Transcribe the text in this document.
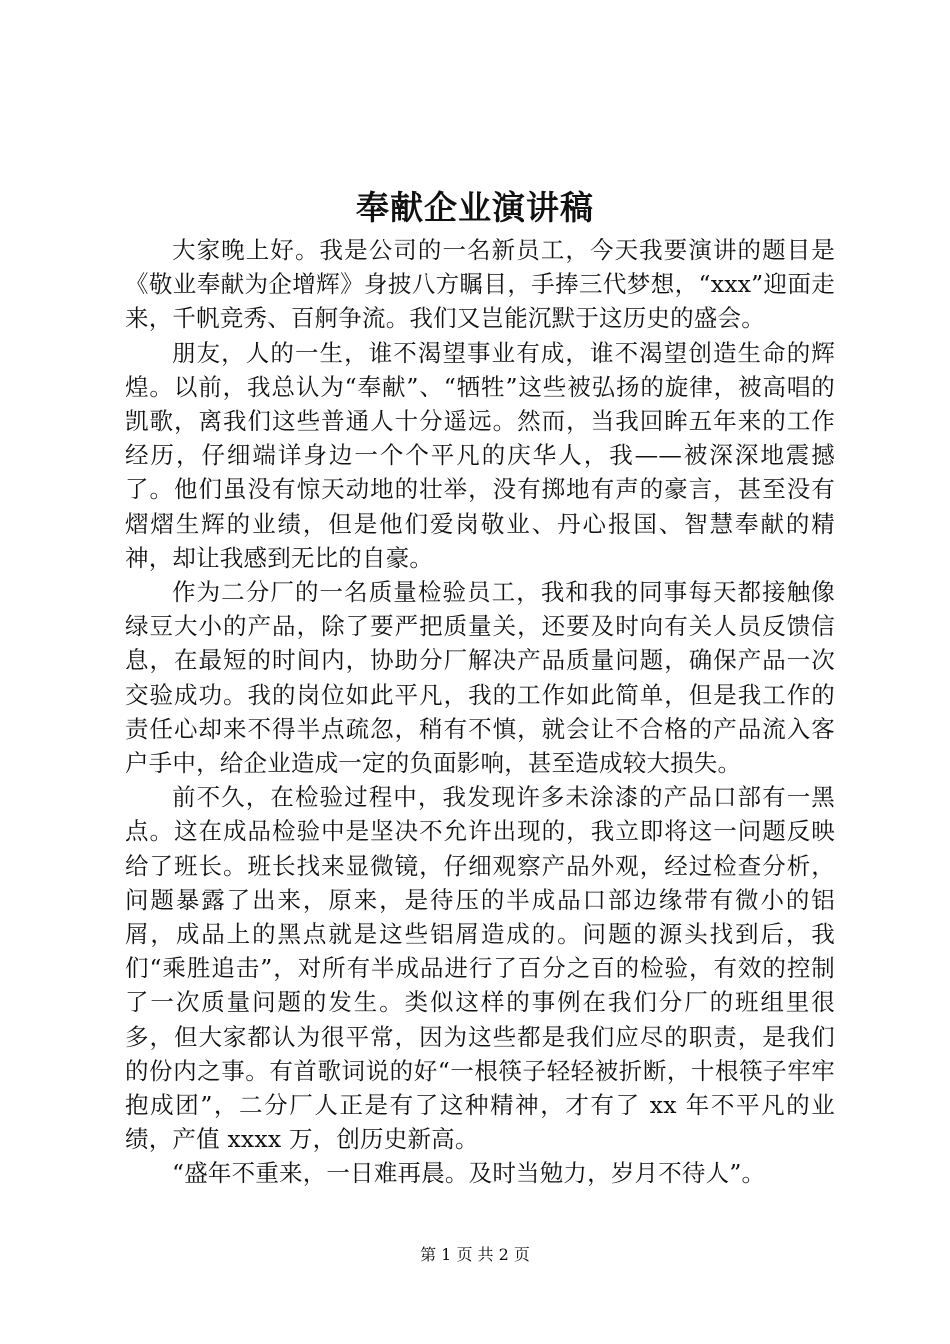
奉献企业演讲稿

大家晚上好。我是公司的一名新员工，今天我要演讲的题目是《敬业奉献为企增辉》身披八方瞩目，手捧三代梦想，“xxx”迎面走来，千帆竞秀、百舸争流。我们又岂能沉默于这历史的盛会。

朋友，人的一生，谁不渴望事业有成，谁不渴望创造生命的辉煌。以前，我总认为“奉献”、“牺牲”这些被弘扬的旋律，被高唱的凯歌，离我们这些普通人十分遥远。然而，当我回眸五年来的工作经历，仔细端详身边一个个平凡的庆华人，我——被深深地震撼了。他们虽没有惊天动地的壮举，没有掷地有声的豪言，甚至没有熠熠生辉的业绩，但是他们爱岗敬业、丹心报国、智慧奉献的精神，却让我感到无比的自豪。

作为二分厂的一名质量检验员工，我和我的同事每天都接触像绿豆大小的产品，除了要严把质量关，还要及时向有关人员反馈信息，在最短的时间内，协助分厂解决产品质量问题，确保产品一次交验成功。我的岗位如此平凡，我的工作如此简单，但是我工作的责任心却来不得半点疏忽，稍有不慎，就会让不合格的产品流入客户手中，给企业造成一定的负面影响，甚至造成较大损失。

前不久，在检验过程中，我发现许多未涂漆的产品口部有一黑点。这在成品检验中是坚决不允许出现的，我立即将这一问题反映给了班长。班长找来显微镜，仔细观察产品外观，经过检查分析，问题暴露了出来，原来，是待压的半成品口部边缘带有微小的铝屑，成品上的黑点就是这些铝屑造成的。问题的源头找到后，我们“乘胜追击”，对所有半成品进行了百分之百的检验，有效的控制了一次质量问题的发生。类似这样的事例在我们分厂的班组里很多，但大家都认为很平常，因为这些都是我们应尽的职责，是我们的份内之事。有首歌词说的好“一根筷子轻轻被折断，十根筷子牢牢抱成团”，二分厂人正是有了这种精神，才有了 xx 年不平凡的业绩，产值 xxxx 万，创历史新高。

“盛年不重来，一日难再晨。及时当勉力，岁月不待人”。

第 1 页 共 2 页
